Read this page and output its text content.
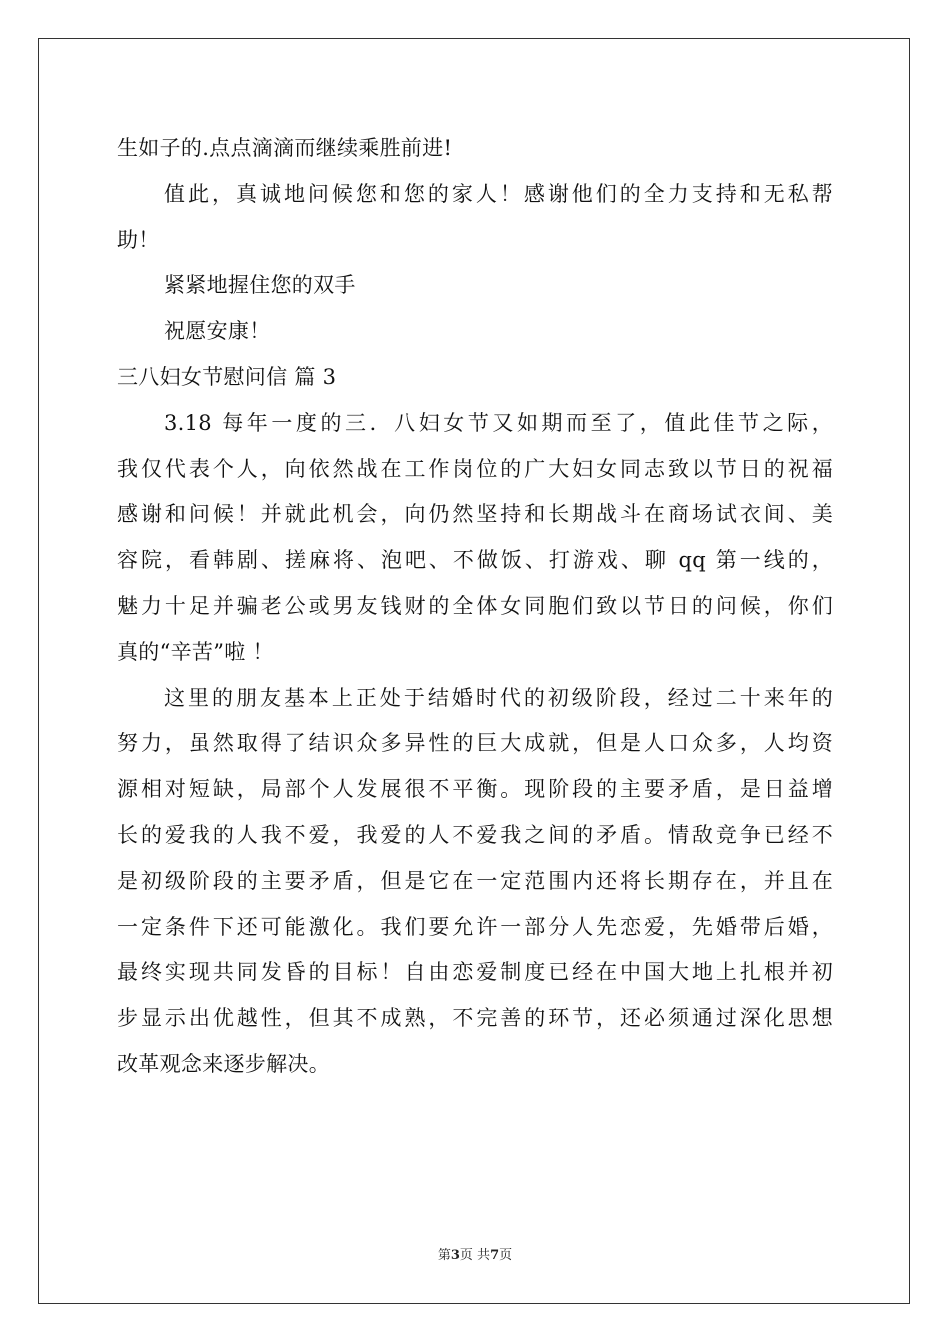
生如子的.点点滴滴而继续乘胜前进!
值此，真诚地问候您和您的家人！感谢他们的全力支持和无私帮
助！
紧紧地握住您的双手
祝愿安康！
三八妇女节慰问信 篇 3
3.18 每年一度的三．八妇女节又如期而至了，值此佳节之际，
我仅代表个人，向依然战在工作岗位的广大妇女同志致以节日的祝福
感谢和问候！并就此机会，向仍然坚持和长期战斗在商场试衣间、美
容院，看韩剧、搓麻将、泡吧、不做饭、打游戏、聊 qq 第一线的，
魅力十足并骗老公或男友钱财的全体女同胞们致以节日的问候，你们
真的“辛苦”啦 ！
这里的朋友基本上正处于结婚时代的初级阶段，经过二十来年的
努力，虽然取得了结识众多异性的巨大成就，但是人口众多，人均资
源相对短缺，局部个人发展很不平衡。现阶段的主要矛盾，是日益增
长的爱我的人我不爱，我爱的人不爱我之间的矛盾。情敌竞争已经不
是初级阶段的主要矛盾，但是它在一定范围内还将长期存在，并且在
一定条件下还可能激化。我们要允许一部分人先恋爱，先婚带后婚，
最终实现共同发昏的目标！自由恋爱制度已经在中国大地上扎根并初
步显示出优越性，但其不成熟，不完善的环节，还必须通过深化思想
改革观念来逐步解决。
第3页 共7页
